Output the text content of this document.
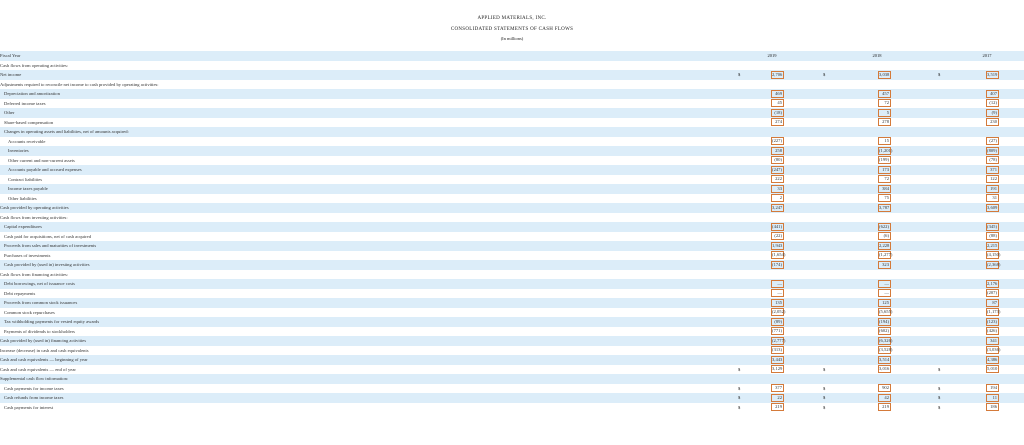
APPLIED MATERIALS, INC.
CONSOLIDATED STATEMENTS OF CASH FLOWS
(In millions)
Fiscal Year	2019	2018	2017
Cash flows from operating activities:
Net income	$	2,706	$	3,038	$	3,519
Adjustments required to reconcile net income to cash provided by operating activities:
Depreciation and amortization	469	457	407
Deferred income taxes	45	72	(12)
Other	(18)	5	(9)
Share-based compensation	274	278	230
Changes in operating assets and liabilities, net of amounts acquired:
Accounts receivable	(227)	15	(27)
Inventories	258	(1,201)	(809)
Other current and non-current assets	(80)	(199)	(78)
Accounts payable and accrued expenses	(247)	173	371
Contract liabilities	222	72	122
Income taxes payable	33	384	191
Other liabilities	2	75	31
Cash provided by operating activities	3,247	3,787	3,609
Cash flows from investing activities:
Capital expenditures	(441)	(622)	(345)
Cash paid for acquisitions, net of cash acquired	(22)	(6)	(88)
Proceeds from sales and maturities of investments	1,943	2,228	2,215
Purchases of investments	(1,654)	(1,277)	(4,150)
Cash provided by (used in) investing activities	(174)	323	(2,368)
Cash flows from financing activities:
Debt borrowings, net of issuance costs	—	—	2,176
Debt repayments	—	—	(207)
Proceeds from common stock issuances	135	125	87
Common stock repurchases	(2,052)	(5,655)	(1,173)
Tax withholding payments for vested equity awards	(89)	(194)	(123)
Payments of dividends to stockholders	(771)	(602)	(426)
Cash provided by (used in) financing activities	(2,777)	(6,326)	341
Increase (decrease) in cash and cash equivalents	(313)	(3,528)	(3,036)
Cash and cash equivalents — beginning of year	3,443	3,514	4,386
Cash and cash equivalents — end of year	$	3,129	$	3,016	$	5,010
Supplemental cash flow information:
Cash payments for income taxes	$	377	$	902	$	194
Cash refunds from income taxes	$	22	$	42	$	11
Cash payments for interest	$	219	$	219	$	186
